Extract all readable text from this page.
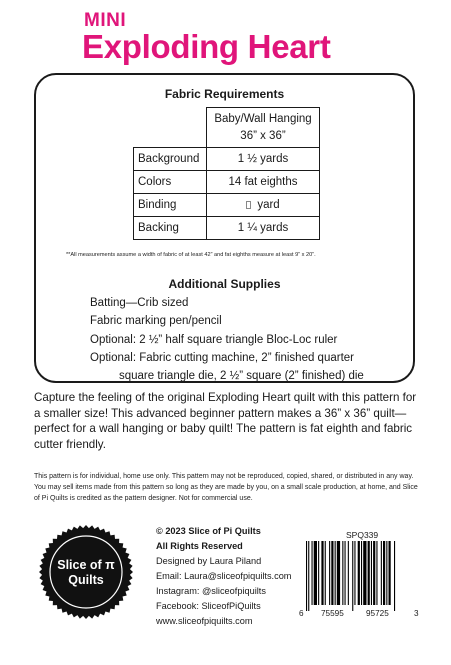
MINI
Exploding Heart
Fabric Requirements

	Baby/Wall Hanging
36” x 36”

Background	1 ½ yards
Colors	14 fat eighths
Binding	yard
Backing	1 ¼ yards
**All measurements assume a width of fabric of at least 42” and fat eighths measure at least 9” x 20”.
Additional Supplies
Batting—Crib sized
Fabric marking pen/pencil
Optional: 2 ½” half square triangle Bloc-Loc ruler
Optional: Fabric cutting machine, 2” finished quarter
square triangle die, 2 ½” square (2” finished) die
Capture the feeling of the original Exploding Heart quilt with this pattern for a smaller size! This advanced beginner pattern makes a 36” x 36” quilt—perfect for a wall hanging or baby quilt! The pattern is fat eighth and fabric cutter friendly.
This pattern is for individual, home use only. This pattern may not be reproduced, copied, shared, or distributed in any way. You may sell items made from this pattern so long as they are made by you, on a small scale production, at home, and Slice of Pi Quilts is credited as the pattern designer. Not for commercial use.
Slice of π
Quilts
© 2023 Slice of Pi Quilts
All Rights Reserved
Designed by Laura Piland
Email: Laura@sliceofpiquilts.com
Instagram: @sliceofpiquilts
Facebook: SliceofPiQuilts
www.sliceofpiquilts.com
SPQ339
6 75595	95725	3
